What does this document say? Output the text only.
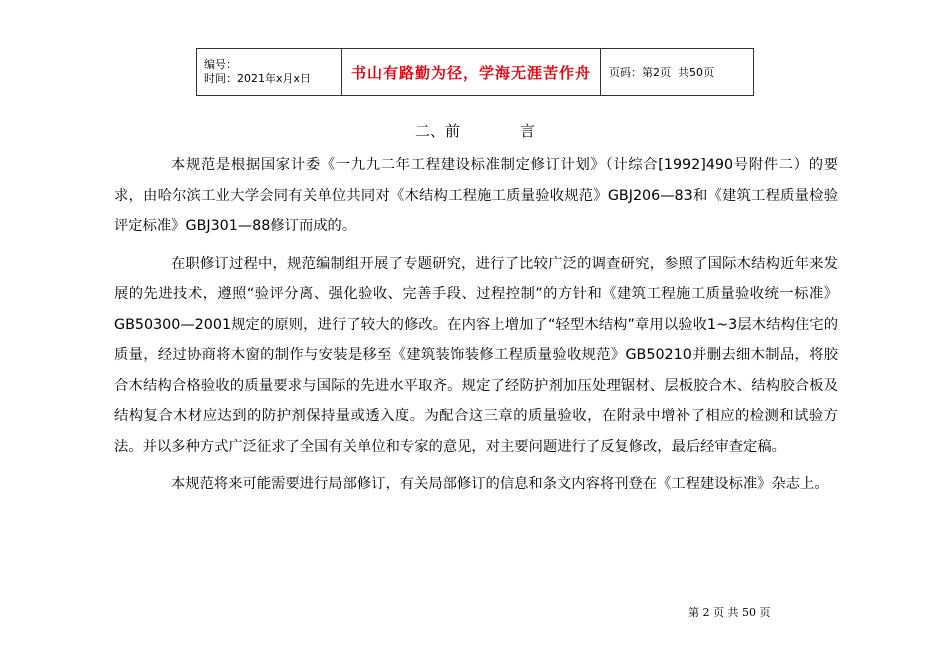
编号：
时间：2021年x月x日	书山有路勤为径，学海无涯苦作舟	页码：第2页  共50页
二、前	言

本规范是根据国家计委《一九九二年工程建设标准制定修订计划》（计综合[1992]490号附件二）的要求，由哈尔滨工业大学会同有关单位共同对《木结构工程施工质量验收规范》GBJ206—83和《建筑工程质量检验评定标准》GBJ301—88修订而成的。

在职修订过程中，规范编制组开展了专题研究，进行了比较广泛的调查研究，参照了国际木结构近年来发展的先进技术，遵照“验评分离、强化验收、完善手段、过程控制”的方针和《建筑工程施工质量验收统一标准》GB50300—2001规定的原则，进行了较大的修改。在内容上增加了“轻型木结构”章用以验收1~3层木结构住宅的质量，经过协商将木窗的制作与安装是移至《建筑装饰装修工程质量验收规范》GB50210并删去细木制品，将胶合木结构合格验收的质量要求与国际的先进水平取齐。规定了经防护剂加压处理锯材、层板胶合木、结构胶合板及结构复合木材应达到的防护剂保持量或透入度。为配合这三章的质量验收，在附录中增补了相应的检测和试验方法。并以多种方式广泛征求了全国有关单位和专家的意见，对主要问题进行了反复修改，最后经审查定稿。

本规范将来可能需要进行局部修订，有关局部修订的信息和条文内容将刊登在《工程建设标准》杂志上。

第 2 页 共 50 页
